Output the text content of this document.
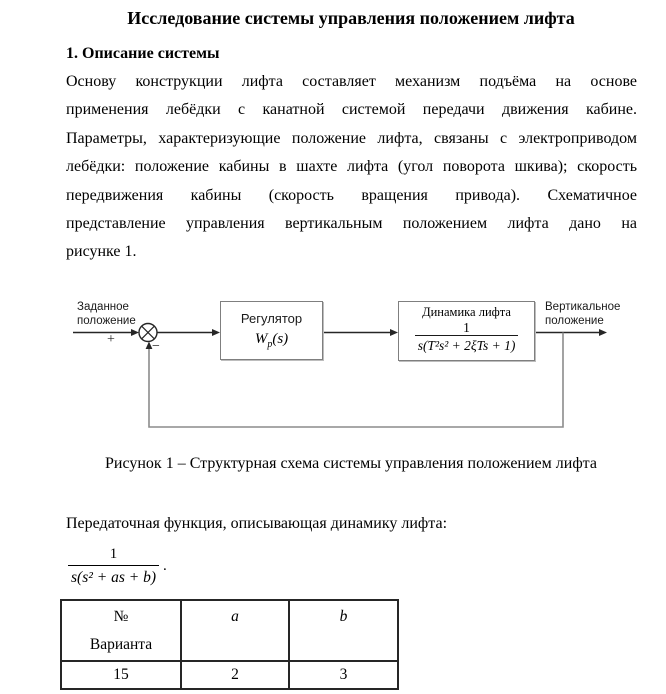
Исследование системы управления положением лифта
1. Описание системы
Основу конструкции лифта составляет механизм подъёма на основе
применения лебёдки с канатной системой передачи движения кабине.
Параметры, характеризующие положение лифта, связаны с электроприводом
лебёдки: положение кабины в шахте лифта (угол поворота шкива); скорость
передвижения кабины (скорость вращения привода). Схематичное
представление управления вертикальным положением лифта дано на
рисунке 1.
Заданное
положение
+	−
Регулятор
$W_p(s)$
Динамика лифта
1
s(T²s² + 2ξTs + 1)
Вертикальное
положение
Рисунок 1 – Структурная схема системы управления положением лифта
Передаточная функция, описывающая динамику лифта:
$\frac{1}{\text{s(s² + as + b)}}$ .
№
Варианта	a	b
15	2	3
